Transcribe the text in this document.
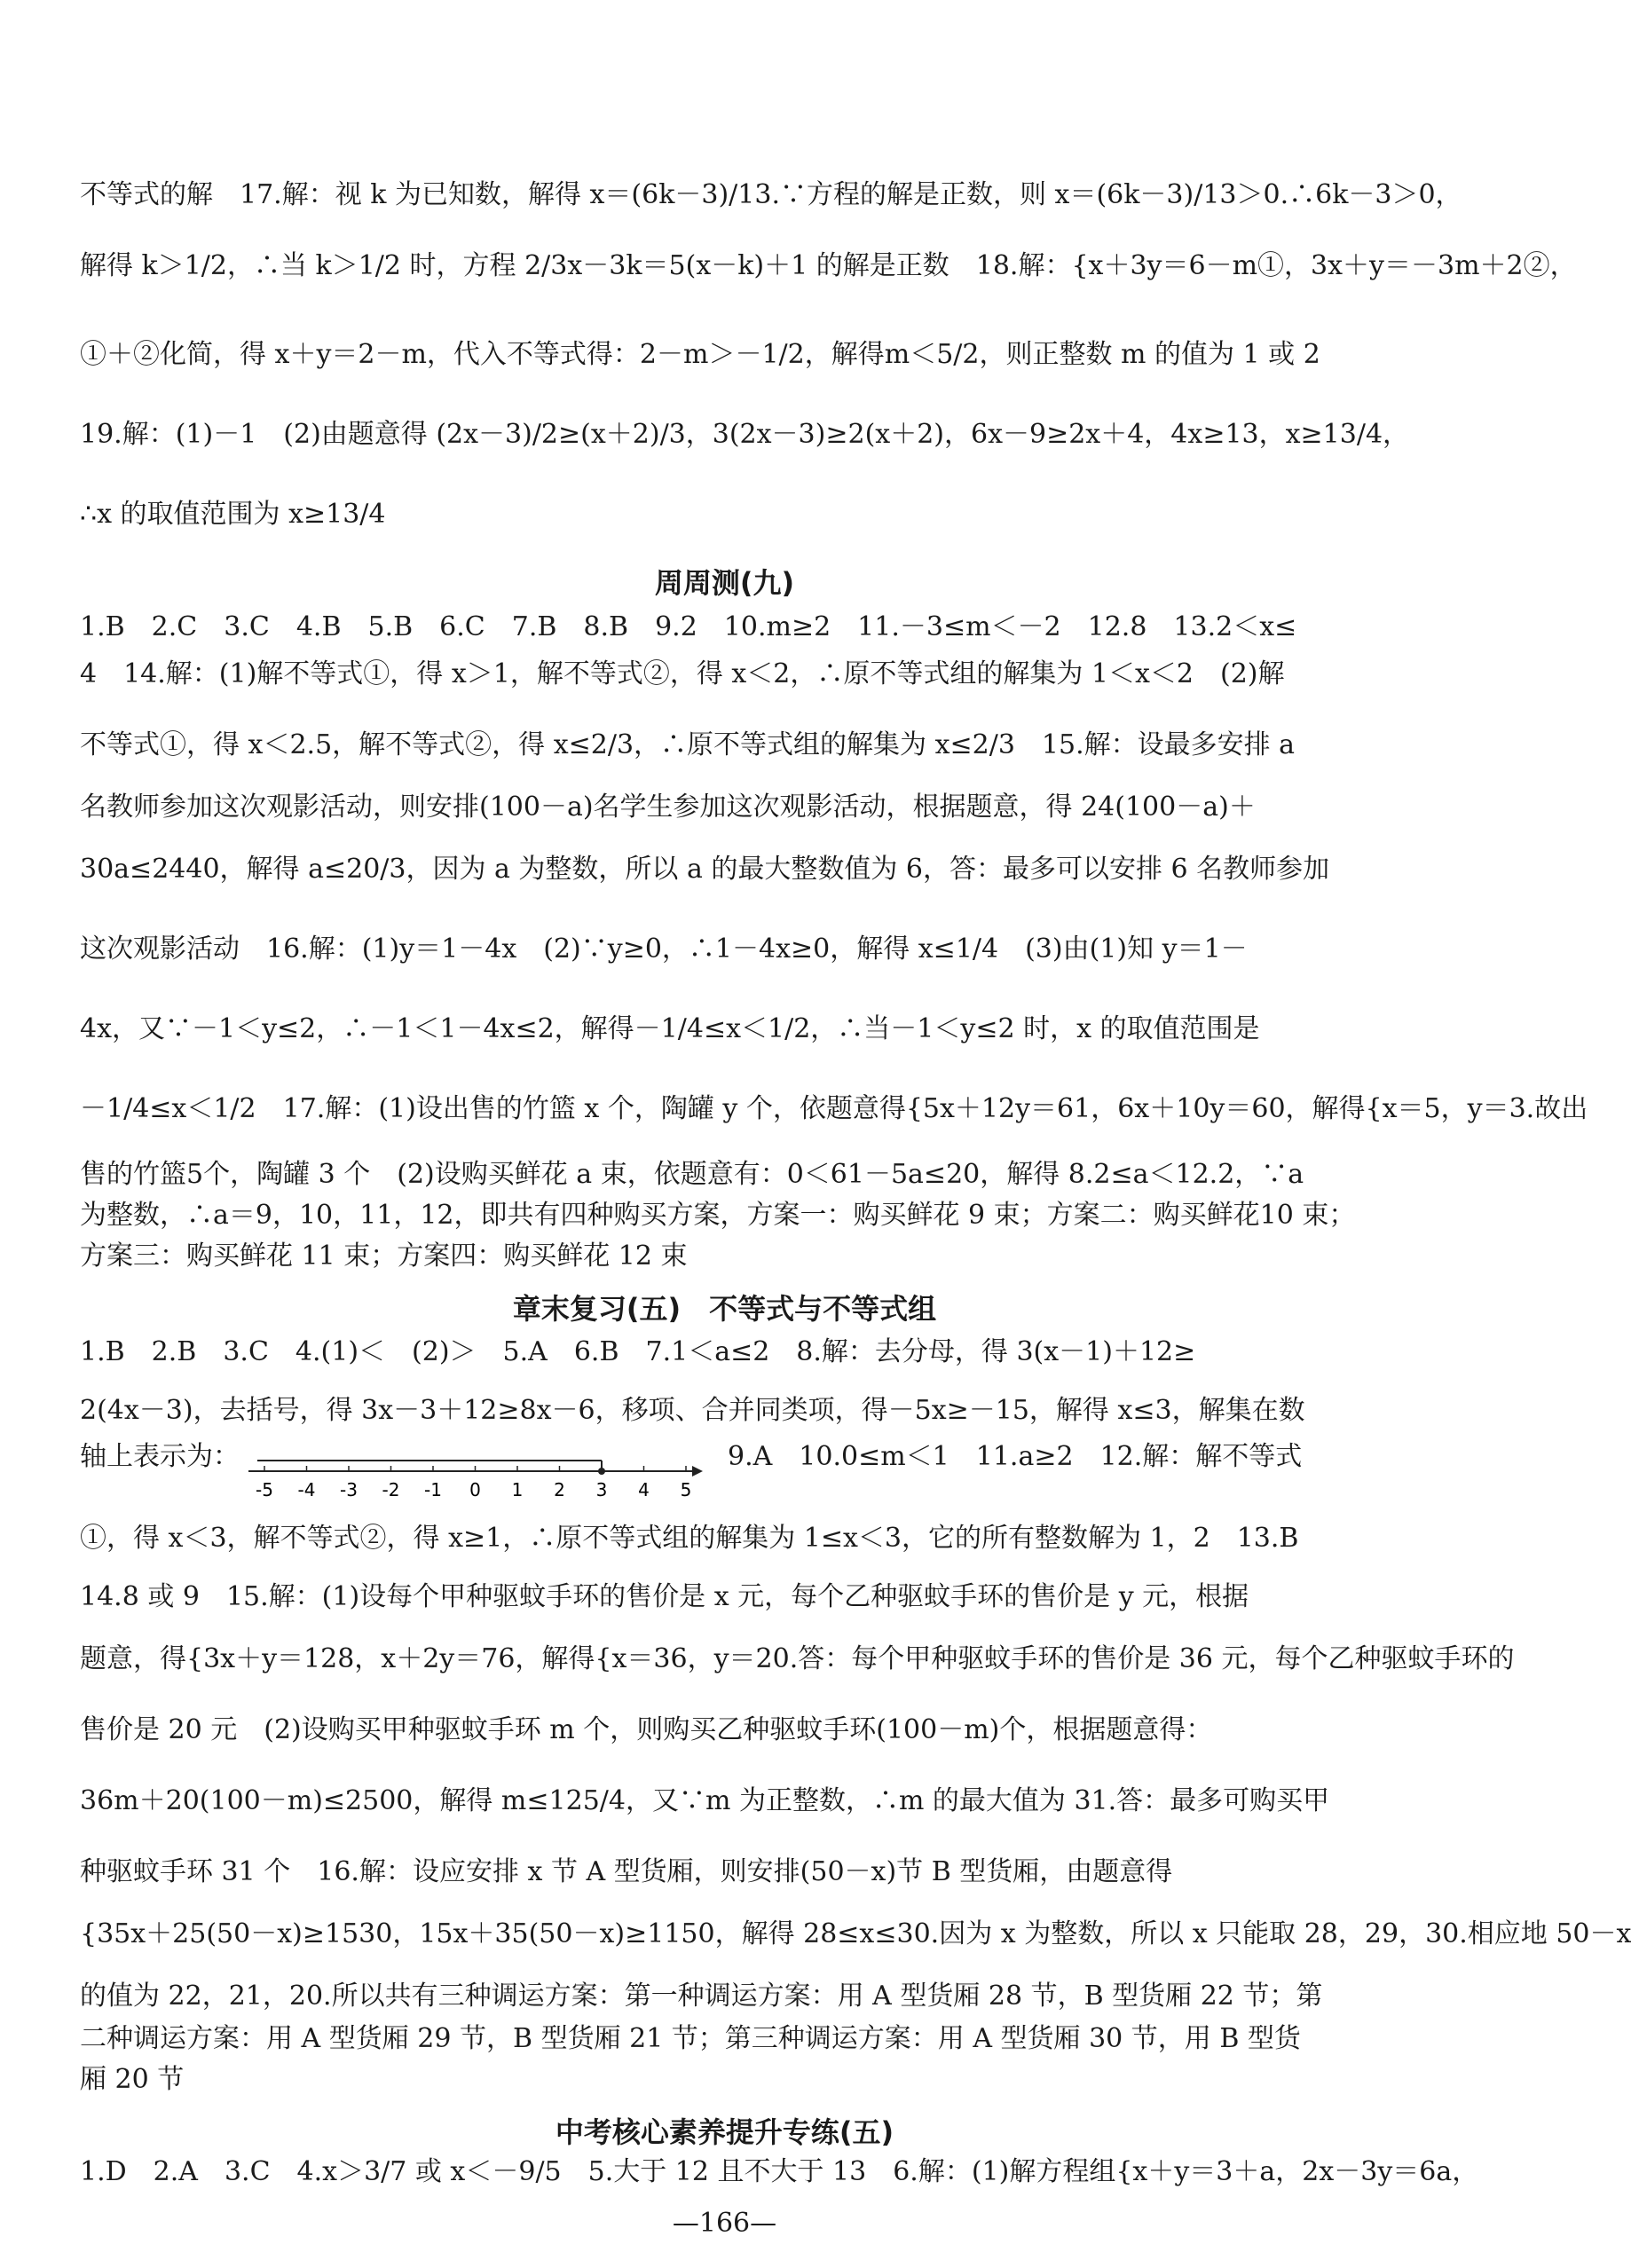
不等式的解　17.解：视 k 为已知数，解得 x＝(6k－3)/13.∵方程的解是正数，则 x＝(6k－3)/13＞0.∴6k－3＞0，
解得 k＞1/2，∴当 k＞1/2 时，方程 2/3x－3k＝5(x－k)＋1 的解是正数　18.解：{x＋3y＝6－m①，3x＋y＝－3m＋2②，
①＋②化简，得 x＋y＝2－m，代入不等式得：2－m＞－1/2，解得m＜5/2，则正整数 m 的值为 1 或 2
19.解：(1)－1　(2)由题意得 (2x－3)/2≥(x＋2)/3，3(2x－3)≥2(x＋2)，6x－9≥2x＋4，4x≥13，x≥13/4，
∴x 的取值范围为 x≥13/4
周周测(九)
1.B　2.C　3.C　4.B　5.B　6.C　7.B　8.B　9.2　10.m≥2　11.－3≤m＜－2　12.8　13.2＜x≤
4　14.解：(1)解不等式①，得 x＞1，解不等式②，得 x＜2，∴原不等式组的解集为 1＜x＜2　(2)解
不等式①，得 x＜2.5，解不等式②，得 x≤2/3，∴原不等式组的解集为 x≤2/3　15.解：设最多安排 a
名教师参加这次观影活动，则安排(100－a)名学生参加这次观影活动，根据题意，得 24(100－a)＋
30a≤2440，解得 a≤20/3，因为 a 为整数，所以 a 的最大整数值为 6，答：最多可以安排 6 名教师参加
这次观影活动　16.解：(1)y＝1－4x　(2)∵y≥0，∴1－4x≥0，解得 x≤1/4　(3)由(1)知 y＝1－
4x，又∵－1＜y≤2，∴－1＜1－4x≤2，解得－1/4≤x＜1/2，∴当－1＜y≤2 时，x 的取值范围是
－1/4≤x＜1/2　17.解：(1)设出售的竹篮 x 个，陶罐 y 个，依题意得{5x＋12y＝61，6x＋10y＝60，解得{x＝5，y＝3.故出
售的竹篮5个，陶罐 3 个　(2)设购买鲜花 a 束，依题意有：0＜61－5a≤20，解得 8.2≤a＜12.2，∵a
为整数，∴a＝9，10，11，12，即共有四种购买方案，方案一：购买鲜花 9 束；方案二：购买鲜花10 束；
方案三：购买鲜花 11 束；方案四：购买鲜花 12 束
章末复习(五)　不等式与不等式组
1.B　2.B　3.C　4.(1)＜　(2)＞　5.A　6.B　7.1＜a≤2　8.解：去分母，得 3(x－1)＋12≥
2(4x－3)，去括号，得 3x－3＋12≥8x－6，移项、合并同类项，得－5x≥－15，解得 x≤3，解集在数
轴上表示为：
-5 -4 -3 -2 -1 0 1 2 3 4 5
9.A　10.0≤m＜1　11.a≥2　12.解：解不等式
①，得 x＜3，解不等式②，得 x≥1，∴原不等式组的解集为 1≤x＜3，它的所有整数解为 1，2　13.B
14.8 或 9　15.解：(1)设每个甲种驱蚊手环的售价是 x 元，每个乙种驱蚊手环的售价是 y 元，根据
题意，得{3x＋y＝128，x＋2y＝76，解得{x＝36，y＝20.答：每个甲种驱蚊手环的售价是 36 元，每个乙种驱蚊手环的
售价是 20 元　(2)设购买甲种驱蚊手环 m 个，则购买乙种驱蚊手环(100－m)个，根据题意得：
36m＋20(100－m)≤2500，解得 m≤125/4，又∵m 为正整数，∴m 的最大值为 31.答：最多可购买甲
种驱蚊手环 31 个　16.解：设应安排 x 节 A 型货厢，则安排(50－x)节 B 型货厢，由题意得
{35x＋25(50－x)≥1530，15x＋35(50－x)≥1150，解得 28≤x≤30.因为 x 为整数，所以 x 只能取 28，29，30.相应地 50－x
的值为 22，21，20.所以共有三种调运方案：第一种调运方案：用 A 型货厢 28 节，B 型货厢 22 节；第
二种调运方案：用 A 型货厢 29 节，B 型货厢 21 节；第三种调运方案：用 A 型货厢 30 节，用 B 型货
厢 20 节
中考核心素养提升专练(五)
1.D　2.A　3.C　4.x＞3/7 或 x＜－9/5　5.大于 12 且不大于 13　6.解：(1)解方程组{x＋y＝3＋a，2x－3y＝6a，
—166—
